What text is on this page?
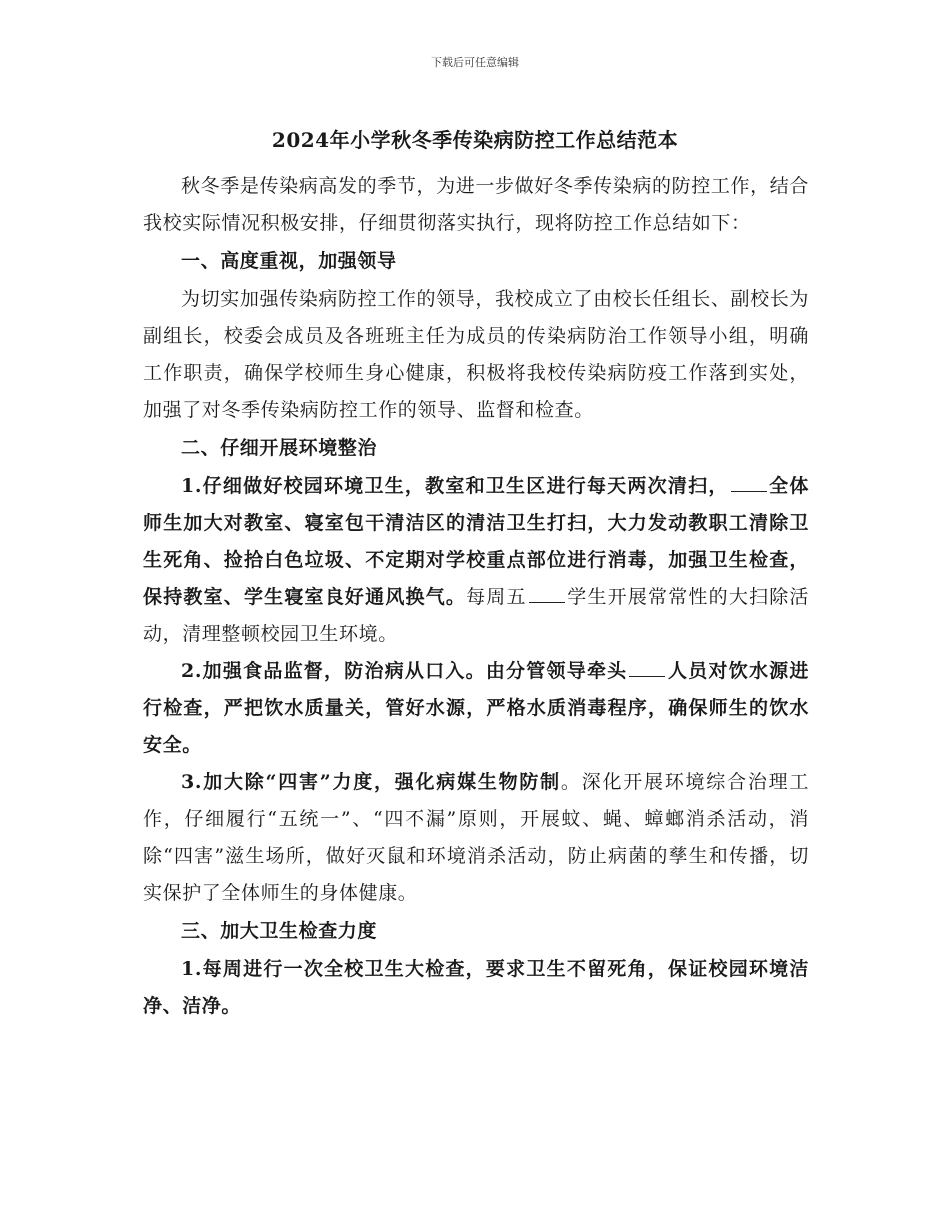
下载后可任意编辑
2024年小学秋冬季传染病防控工作总结范本

秋冬季是传染病高发的季节，为进一步做好冬季传染病的防控工作，结合我校实际情况积极安排，仔细贯彻落实执行，现将防控工作总结如下：

一、高度重视，加强领导

为切实加强传染病防控工作的领导，我校成立了由校长任组长、副校长为副组长，校委会成员及各班班主任为成员的传染病防治工作领导小组，明确工作职责，确保学校师生身心健康，积极将我校传染病防疫工作落到实处，加强了对冬季传染病防控工作的领导、监督和检查。

二、仔细开展环境整治

1.仔细做好校园环境卫生，教室和卫生区进行每天两次清扫， 全体师生加大对教室、寝室包干清洁区的清洁卫生打扫，大力发动教职工清除卫生死角、捡拾白色垃圾、不定期对学校重点部位进行消毒，加强卫生检查，保持教室、学生寝室良好通风换气。每周五 学生开展常常性的大扫除活动，清理整顿校园卫生环境。

2.加强食品监督，防治病从口入。由分管领导牵头 人员对饮水源进行检查，严把饮水质量关，管好水源，严格水质消毒程序，确保师生的饮水安全。

3.加大除“四害”力度，强化病媒生物防制。深化开展环境综合治理工作，仔细履行“五统一”、“四不漏”原则，开展蚊、蝇、蟑螂消杀活动，消除“四害”滋生场所，做好灭鼠和环境消杀活动，防止病菌的孳生和传播，切实保护了全体师生的身体健康。

三、加大卫生检查力度

1.每周进行一次全校卫生大检查，要求卫生不留死角，保证校园环境洁净、洁净。
